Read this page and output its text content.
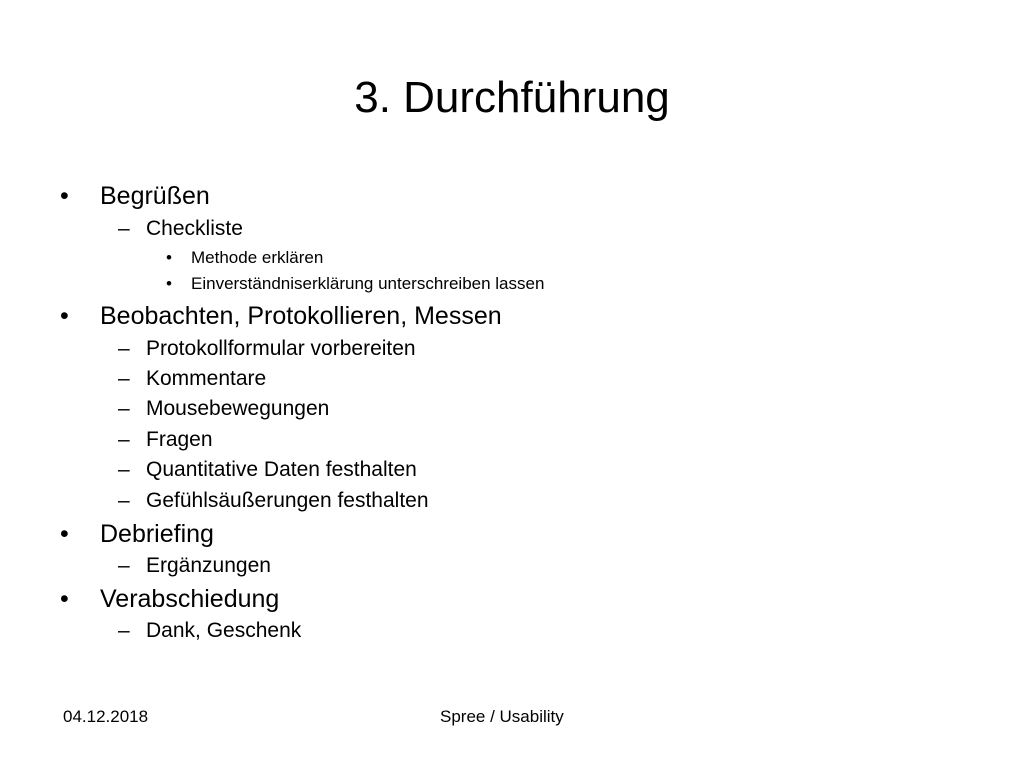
3. Durchführung
• Begrüßen
– Checkliste
• Methode erklären
• Einverständniserklärung unterschreiben lassen
• Beobachten, Protokollieren, Messen
– Protokollformular vorbereiten
– Kommentare
– Mousebewegungen
– Fragen
– Quantitative Daten festhalten
– Gefühlsäußerungen festhalten
• Debriefing
– Ergänzungen
• Verabschiedung
– Dank, Geschenk
04.12.2018	Spree / Usability
